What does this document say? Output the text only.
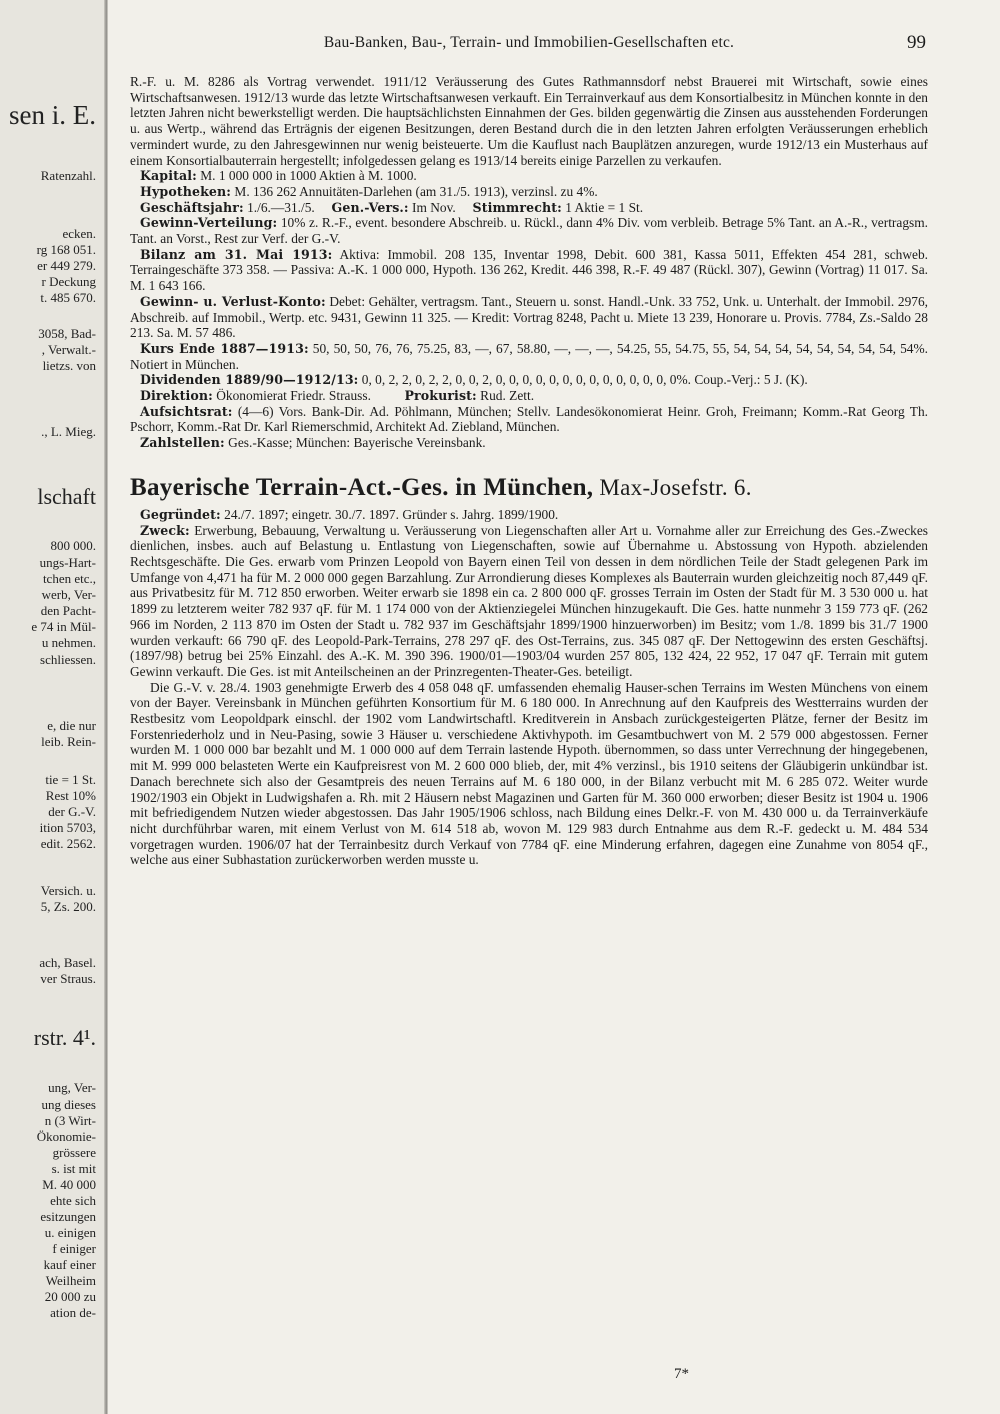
sen i. E.
Ratenzahl.
ecken.
rg 168 051.
er 449 279.
r Deckung
t. 485 670.
3058, Bad-
, Verwalt.-
lietzs. von
., L. Mieg.
lschaft
800 000.
ungs-Hart-
tchen etc.,
werb, Ver-
den Pacht-
e 74 in Mül-
u nehmen.
schliessen.
e, die nur
leib. Rein-
tie = 1 St.
Rest 10%
der G.-V.
ition 5703,
edit. 2562.
Versich. u.
5, Zs. 200.
ach, Basel.
ver Straus.
rstr. 4¹.
ung, Ver-
ung dieses
n (3 Wirt-
Ökonomie-
grössere
s. ist mit
M. 40 000
ehte sich
esitzungen
u. einigen
f einiger
kauf einer
Weilheim
20 000 zu
ation de-
Bau-Banken, Bau-, Terrain- und Immobilien-Gesellschaften etc.	99

R.-F. u. M. 8286 als Vortrag verwendet. 1911/12 Veräusserung des Gutes Rathmannsdorf nebst Brauerei mit Wirtschaft, sowie eines Wirtschaftsanwesen. 1912/13 wurde das letzte Wirtschaftsanwesen verkauft. Ein Terrainverkauf aus dem Konsortialbesitz in München konnte in den letzten Jahren nicht bewerkstelligt werden. Die hauptsächlichsten Einnahmen der Ges. bilden gegenwärtig die Zinsen aus ausstehenden Forderungen u. aus Wertp., während das Erträgnis der eigenen Besitzungen, deren Bestand durch die in den letzten Jahren erfolgten Veräusserungen erheblich vermindert wurde, zu den Jahresgewinnen nur wenig beisteuerte. Um die Kauflust nach Bauplätzen anzuregen, wurde 1912/13 ein Musterhaus auf einem Konsortialbauterrain hergestellt; infolgedessen gelang es 1913/14 bereits einige Parzellen zu verkaufen.

Kapital: M. 1 000 000 in 1000 Aktien à M. 1000.

Hypotheken: M. 136 262 Annuitäten-Darlehen (am 31./5. 1913), verzinsl. zu 4%.

Geschäftsjahr: 1./6.—31./5.     Gen.-Vers.: Im Nov.     Stimmrecht: 1 Aktie = 1 St.

Gewinn-Verteilung: 10% z. R.-F., event. besondere Abschreib. u. Rückl., dann 4% Div. vom verbleib. Betrage 5% Tant. an A.-R., vertragsm. Tant. an Vorst., Rest zur Verf. der G.-V.

Bilanz am 31. Mai 1913: Aktiva: Immobil. 208 135, Inventar 1998, Debit. 600 381, Kassa 5011, Effekten 454 281, schweb. Terraingeschäfte 373 358. — Passiva: A.-K. 1 000 000, Hypoth. 136 262, Kredit. 446 398, R.-F. 49 487 (Rückl. 307), Gewinn (Vortrag) 11 017. Sa. M. 1 643 166.

Gewinn- u. Verlust-Konto: Debet: Gehälter, vertragsm. Tant., Steuern u. sonst. Handl.-Unk. 33 752, Unk. u. Unterhalt. der Immobil. 2976, Abschreib. auf Immobil., Wertp. etc. 9431, Gewinn 11 325. — Kredit: Vortrag 8248, Pacht u. Miete 13 239, Honorare u. Provis. 7784, Zs.-Saldo 28 213. Sa. M. 57 486.

Kurs Ende 1887—1913: 50, 50, 50, 76, 76, 75.25, 83, —, 67, 58.80, —, —, —, 54.25, 55, 54.75, 55, 54, 54, 54, 54, 54, 54, 54, 54, 54%. Notiert in München.

Dividenden 1889/90—1912/13: 0, 0, 2, 2, 0, 2, 2, 0, 0, 2, 0, 0, 0, 0, 0, 0, 0, 0, 0, 0, 0, 0, 0, 0%. Coup.-Verj.: 5 J. (K).

Direktion: Ökonomierat Friedr. Strauss.          Prokurist: Rud. Zett.

Aufsichtsrat: (4—6) Vors. Bank-Dir. Ad. Pöhlmann, München; Stellv. Landesökonomierat Heinr. Groh, Freimann; Komm.-Rat Georg Th. Pschorr, Komm.-Rat Dr. Karl Riemerschmid, Architekt Ad. Ziebland, München.

Zahlstellen: Ges.-Kasse; München: Bayerische Vereinsbank.

Bayerische Terrain-Act.-Ges. in München, Max-Josefstr. 6.

Gegründet: 24./7. 1897; eingetr. 30./7. 1897. Gründer s. Jahrg. 1899/1900.

Zweck: Erwerbung, Bebauung, Verwaltung u. Veräusserung von Liegenschaften aller Art u. Vornahme aller zur Erreichung des Ges.-Zweckes dienlichen, insbes. auch auf Belastung u. Entlastung von Liegenschaften, sowie auf Übernahme u. Abstossung von Hypoth. abzielenden Rechtsgeschäfte. Die Ges. erwarb vom Prinzen Leopold von Bayern einen Teil von dessen in dem nördlichen Teile der Stadt gelegenen Park im Umfange von 4,471 ha für M. 2 000 000 gegen Barzahlung. Zur Arrondierung dieses Komplexes als Bauterrain wurden gleichzeitig noch 87,449 qF. aus Privatbesitz für M. 712 850 erworben. Weiter erwarb sie 1898 ein ca. 2 800 000 qF. grosses Terrain im Osten der Stadt für M. 3 530 000 u. hat 1899 zu letzterem weiter 782 937 qF. für M. 1 174 000 von der Aktienziegelei München hinzugekauft. Die Ges. hatte nunmehr 3 159 773 qF. (262 966 im Norden, 2 113 870 im Osten der Stadt u. 782 937 im Geschäftsjahr 1899/1900 hinzuerworben) im Besitz; vom 1./8. 1899 bis 31./7 1900 wurden verkauft: 66 790 qF. des Leopold-Park-Terrains, 278 297 qF. des Ost-Terrains, zus. 345 087 qF. Der Nettogewinn des ersten Geschäftsj. (1897/98) betrug bei 25% Einzahl. des A.-K. M. 390 396. 1900/01—1903/04 wurden 257 805, 132 424, 22 952, 17 047 qF. Terrain mit gutem Gewinn verkauft. Die Ges. ist mit Anteilscheinen an der Prinzregenten-Theater-Ges. beteiligt.

Die G.-V. v. 28./4. 1903 genehmigte Erwerb des 4 058 048 qF. umfassenden ehemalig Hauser-schen Terrains im Westen Münchens von einem von der Bayer. Vereinsbank in München geführten Konsortium für M. 6 180 000. In Anrechnung auf den Kaufpreis des Westterrains wurden der Restbesitz vom Leopoldpark einschl. der 1902 vom Landwirtschaftl. Kreditverein in Ansbach zurückgesteigerten Plätze, ferner der Besitz im Forstenriederholz und in Neu-Pasing, sowie 3 Häuser u. verschiedene Aktivhypoth. im Gesamtbuchwert von M. 2 579 000 abgestossen. Ferner wurden M. 1 000 000 bar bezahlt und M. 1 000 000 auf dem Terrain lastende Hypoth. übernommen, so dass unter Verrechnung der hingegebenen, mit M. 999 000 belasteten Werte ein Kaufpreisrest von M. 2 600 000 blieb, der, mit 4% verzinsl., bis 1910 seitens der Gläubigerin unkündbar ist. Danach berechnete sich also der Gesamtpreis des neuen Terrains auf M. 6 180 000, in der Bilanz verbucht mit M. 6 285 072. Weiter wurde 1902/1903 ein Objekt in Ludwigshafen a. Rh. mit 2 Häusern nebst Magazinen und Garten für M. 360 000 erworben; dieser Besitz ist 1904 u. 1906 mit befriedigendem Nutzen wieder abgestossen. Das Jahr 1905/1906 schloss, nach Bildung eines Delkr.-F. von M. 430 000 u. da Terrainverkäufe nicht durchführbar waren, mit einem Verlust von M. 614 518 ab, wovon M. 129 983 durch Entnahme aus dem R.-F. gedeckt u. M. 484 534 vorgetragen wurden. 1906/07 hat der Terrainbesitz durch Verkauf von 7784 qF. eine Minderung erfahren, dagegen eine Zunahme von 8054 qF., welche aus einer Subhastation zurückerworben werden musste u.

7*
